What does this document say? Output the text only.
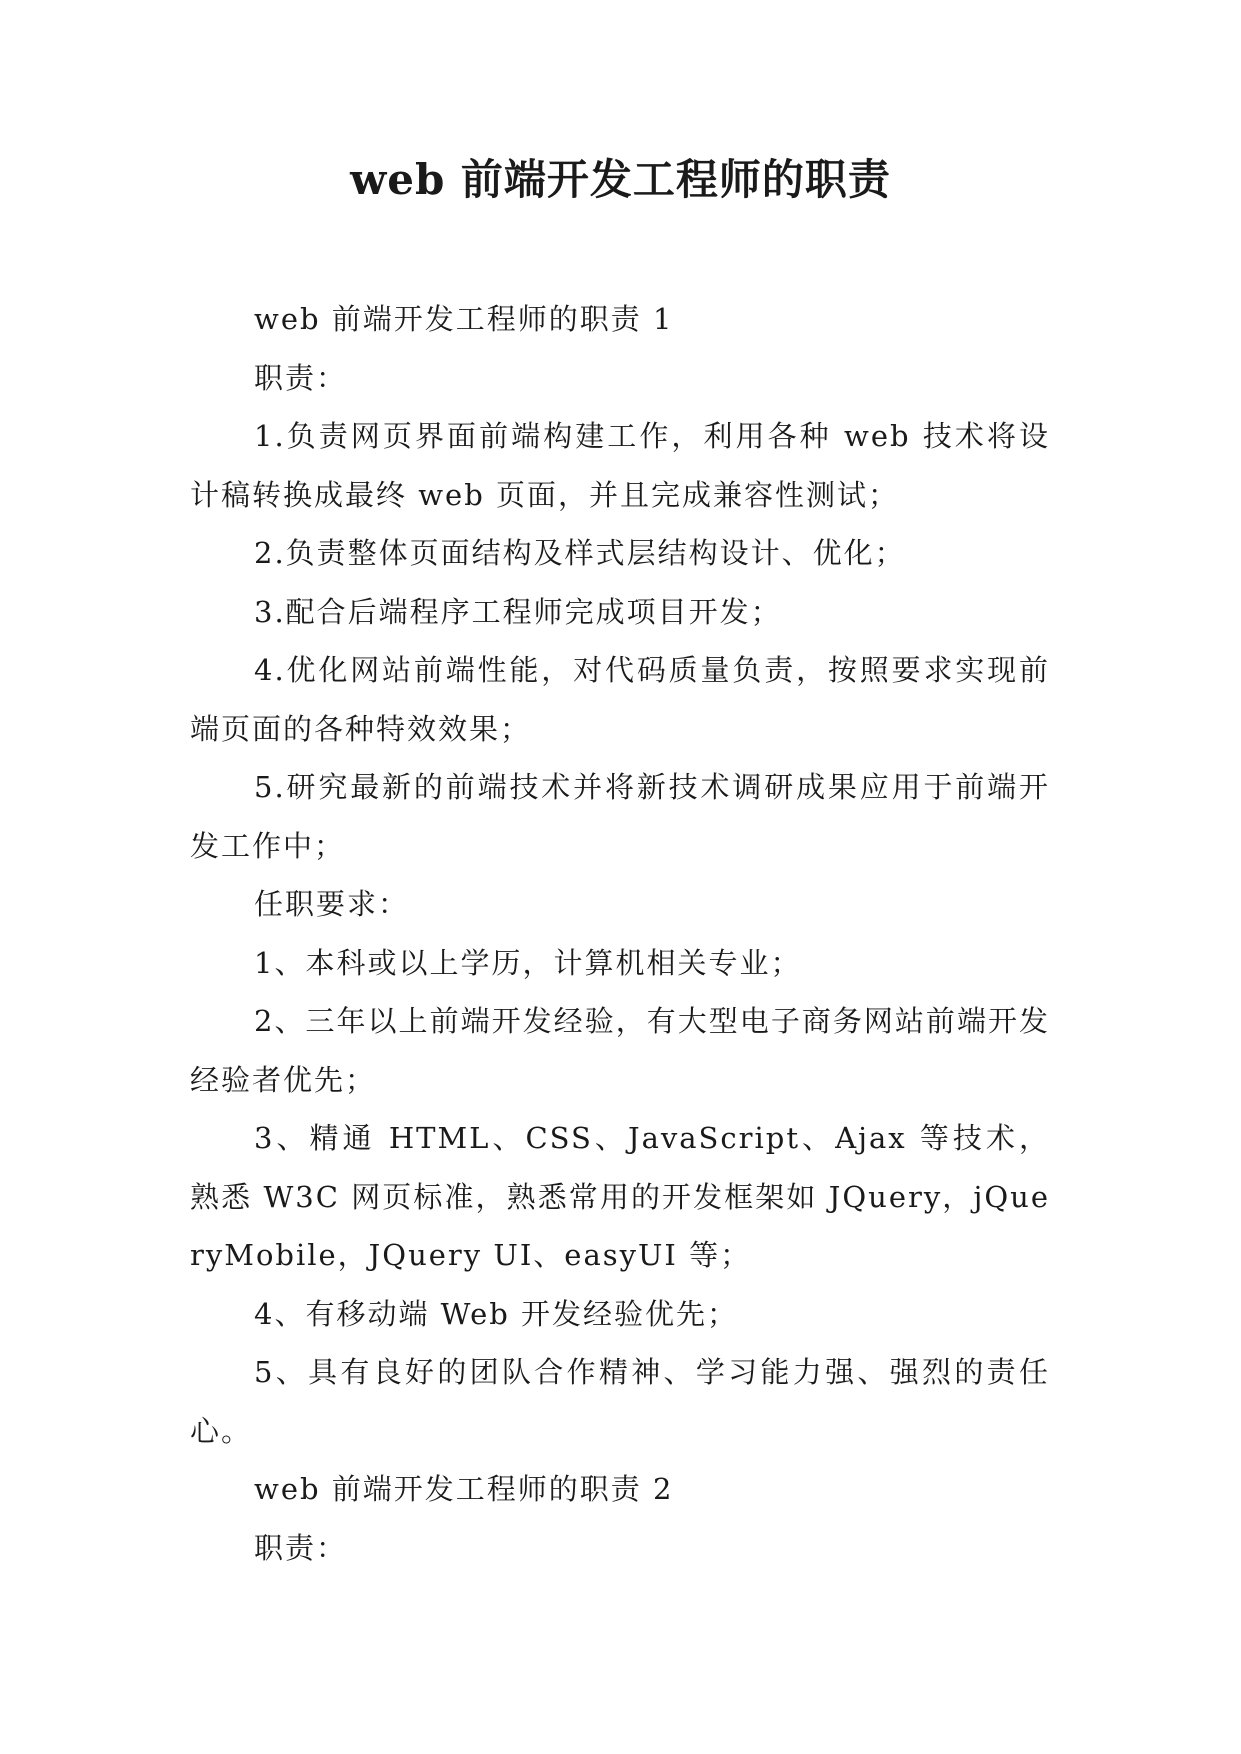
web 前端开发工程师的职责

web 前端开发工程师的职责 1

职责：

1.负责网页界面前端构建工作，利用各种 web 技术将设计稿转换成最终 web 页面，并且完成兼容性测试；

2.负责整体页面结构及样式层结构设计、优化；

3.配合后端程序工程师完成项目开发；

4.优化网站前端性能，对代码质量负责，按照要求实现前端页面的各种特效效果；

5.研究最新的前端技术并将新技术调研成果应用于前端开发工作中；

任职要求：

1、本科或以上学历，计算机相关专业；

2、三年以上前端开发经验，有大型电子商务网站前端开发经验者优先；

3、精通 HTML、CSS、JavaScript、Ajax 等技术，熟悉 W3C 网页标准，熟悉常用的开发框架如 JQuery，jQueryMobile，JQuery UI、easyUI 等；

4、有移动端 Web 开发经验优先；

5、具有良好的团队合作精神、学习能力强、强烈的责任心。

web 前端开发工程师的职责 2

职责：
